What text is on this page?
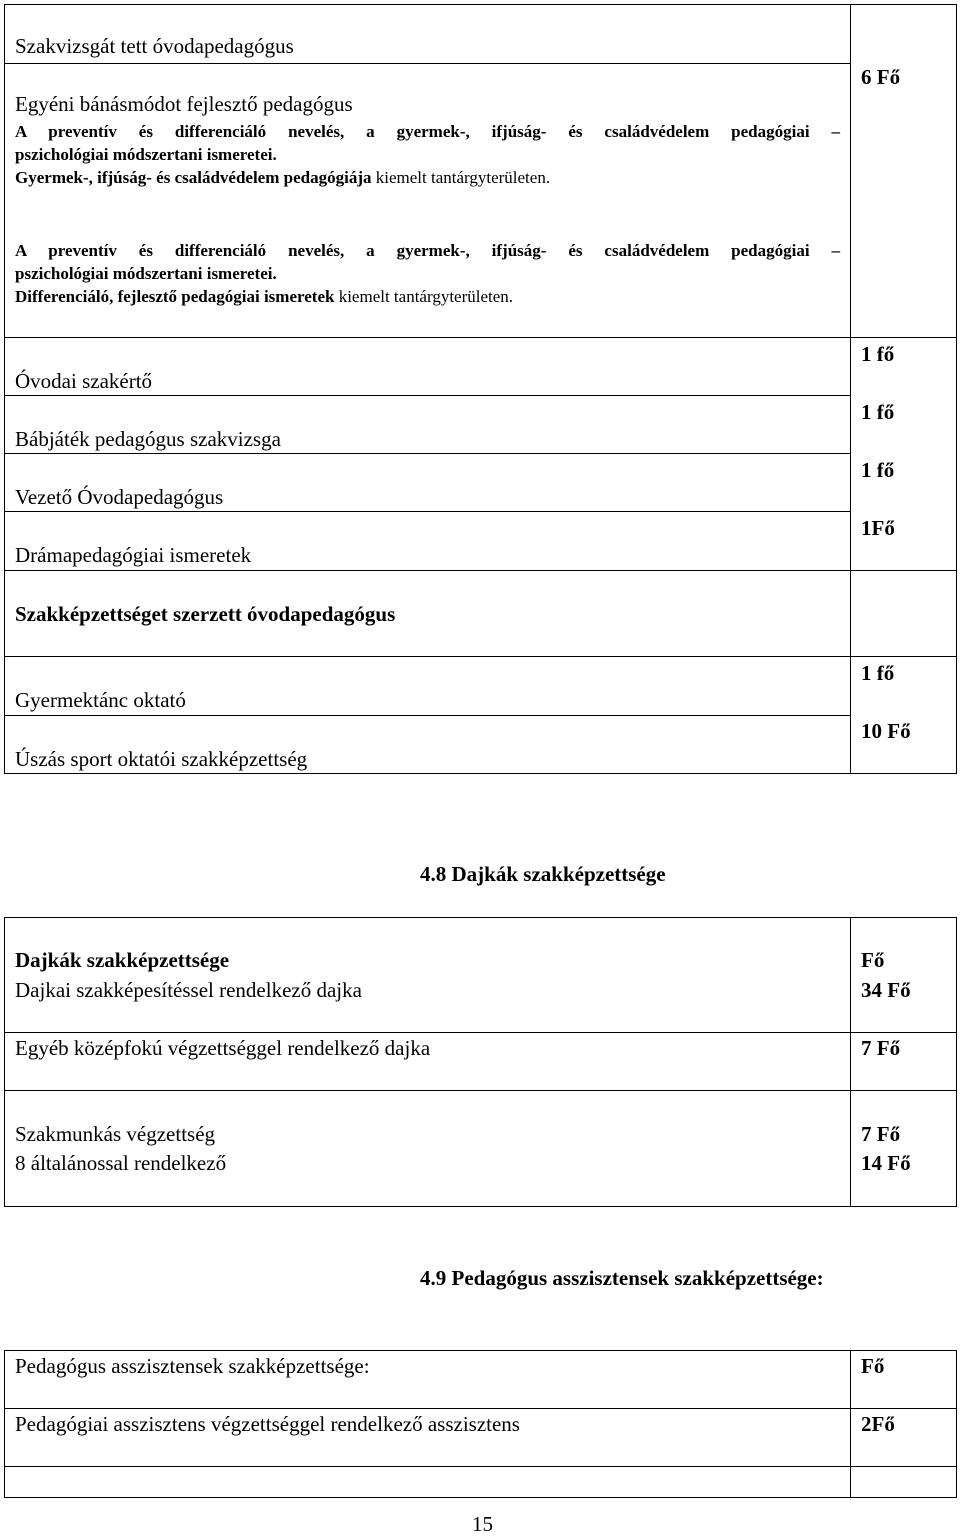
Szakvizsgát tett óvodapedagógus
Egyéni bánásmódot fejlesztő pedagógus
A preventív és differenciáló nevelés, a gyermek-, ifjúság- és családvédelem pedagógiai –
pszichológiai módszertani ismeretei.
Gyermek-, ifjúság- és családvédelem pedagógiája kiemelt tantárgyterületen.
6 Fő
A preventív és differenciáló nevelés, a gyermek-, ifjúság- és családvédelem pedagógiai –
pszichológiai módszertani ismeretei.
Differenciáló, fejlesztő pedagógiai ismeretek kiemelt tantárgyterületen.
Óvodai szakértő
Bábjáték pedagógus szakvizsga
Vezető Óvodapedagógus
Drámapedagógiai ismeretek
1 fő
1 fő
1 fő
1Fő
Szakképzettséget szerzett óvodapedagógus
Gyermektánc oktató
Úszás sport oktatói szakképzettség
1 fő
10 Fő
4.8 Dajkák szakképzettsége
Dajkák szakképzettsége
Dajkai szakképesítéssel rendelkező dajka
Egyéb középfokú végzettséggel rendelkező dajka
Szakmunkás végzettség
8 általánossal rendelkező
Fő
34 Fő
7 Fő
7 Fő
14 Fő
4.9 Pedagógus asszisztensek szakképzettsége:
Pedagógus asszisztensek szakképzettsége:
Pedagógiai asszisztens végzettséggel rendelkező asszisztens
Fő
2Fő
15
